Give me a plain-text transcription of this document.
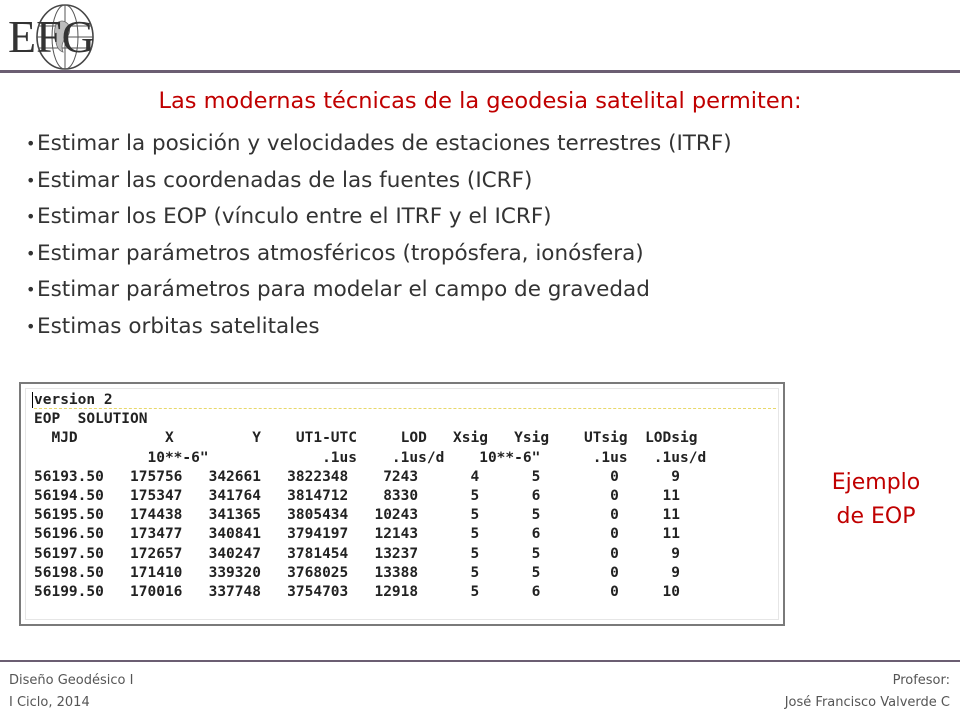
EFG
Las modernas técnicas de la geodesia satelital permiten:
•Estimar la posición y velocidades de estaciones terrestres (ITRF)
•Estimar las coordenadas de las fuentes (ICRF)
•Estimar los EOP (vínculo entre el ITRF y el ICRF)
•Estimar parámetros atmosféricos (tropósfera, ionósfera)
•Estimar parámetros para modelar el campo de gravedad
•Estimas orbitas satelitales
version 2
EOP  SOLUTION
MJD          X         Y    UT1-UTC     LOD   Xsig   Ysig    UTsig  LODsig
10**-6"             .1us    .1us/d    10**-6"      .1us   .1us/d
56193.50   175756   342661   3822348    7243      4      5        0      9
56194.50   175347   341764   3814712    8330      5      6        0     11
56195.50   174438   341365   3805434   10243      5      5        0     11
56196.50   173477   340841   3794197   12143      5      6        0     11
56197.50   172657   340247   3781454   13237      5      5        0      9
56198.50   171410   339320   3768025   13388      5      5        0      9
56199.50   170016   337748   3754703   12918      5      6        0     10
Ejemplo
de EOP
Diseño Geodésico I
I Ciclo, 2014
Profesor:
José Francisco Valverde C
